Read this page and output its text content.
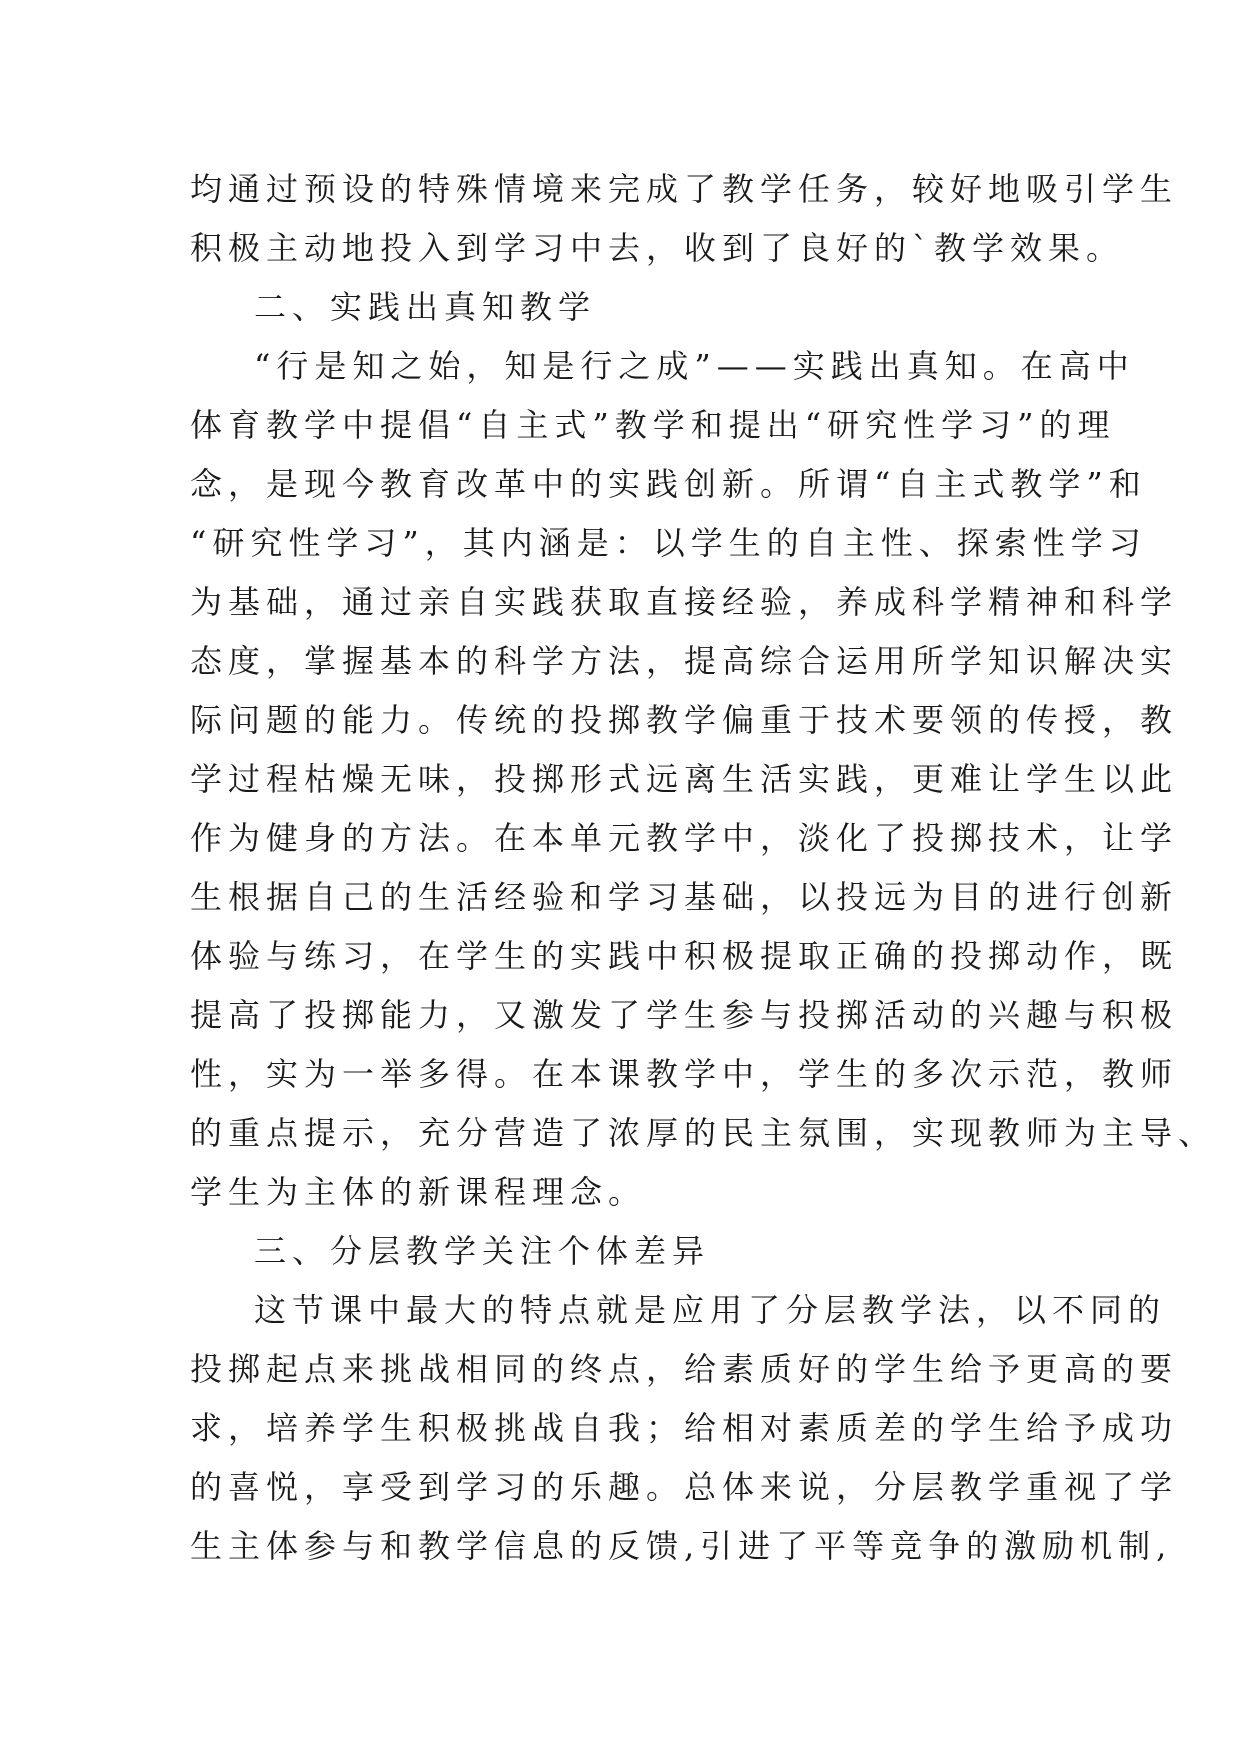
均通过预设的特殊情境来完成了教学任务，较好地吸引学生
积极主动地投入到学习中去，收到了良好的`教学效果。
二、实践出真知教学
“行是知之始，知是行之成”——实践出真知。在高中
体育教学中提倡“自主式”教学和提出“研究性学习”的理
念，是现今教育改革中的实践创新。所谓“自主式教学”和
“研究性学习”，其内涵是：以学生的自主性、探索性学习
为基础，通过亲自实践获取直接经验，养成科学精神和科学
态度，掌握基本的科学方法，提高综合运用所学知识解决实
际问题的能力。传统的投掷教学偏重于技术要领的传授，教
学过程枯燥无味，投掷形式远离生活实践，更难让学生以此
作为健身的方法。在本单元教学中，淡化了投掷技术，让学
生根据自己的生活经验和学习基础，以投远为目的进行创新
体验与练习，在学生的实践中积极提取正确的投掷动作，既
提高了投掷能力，又激发了学生参与投掷活动的兴趣与积极
性，实为一举多得。在本课教学中，学生的多次示范，教师
的重点提示，充分营造了浓厚的民主氛围，实现教师为主导、
学生为主体的新课程理念。
三、分层教学关注个体差异
这节课中最大的特点就是应用了分层教学法，以不同的
投掷起点来挑战相同的终点，给素质好的学生给予更高的要
求，培养学生积极挑战自我；给相对素质差的学生给予成功
的喜悦，享受到学习的乐趣。总体来说，分层教学重视了学
生主体参与和教学信息的反馈,引进了平等竞争的激励机制,
